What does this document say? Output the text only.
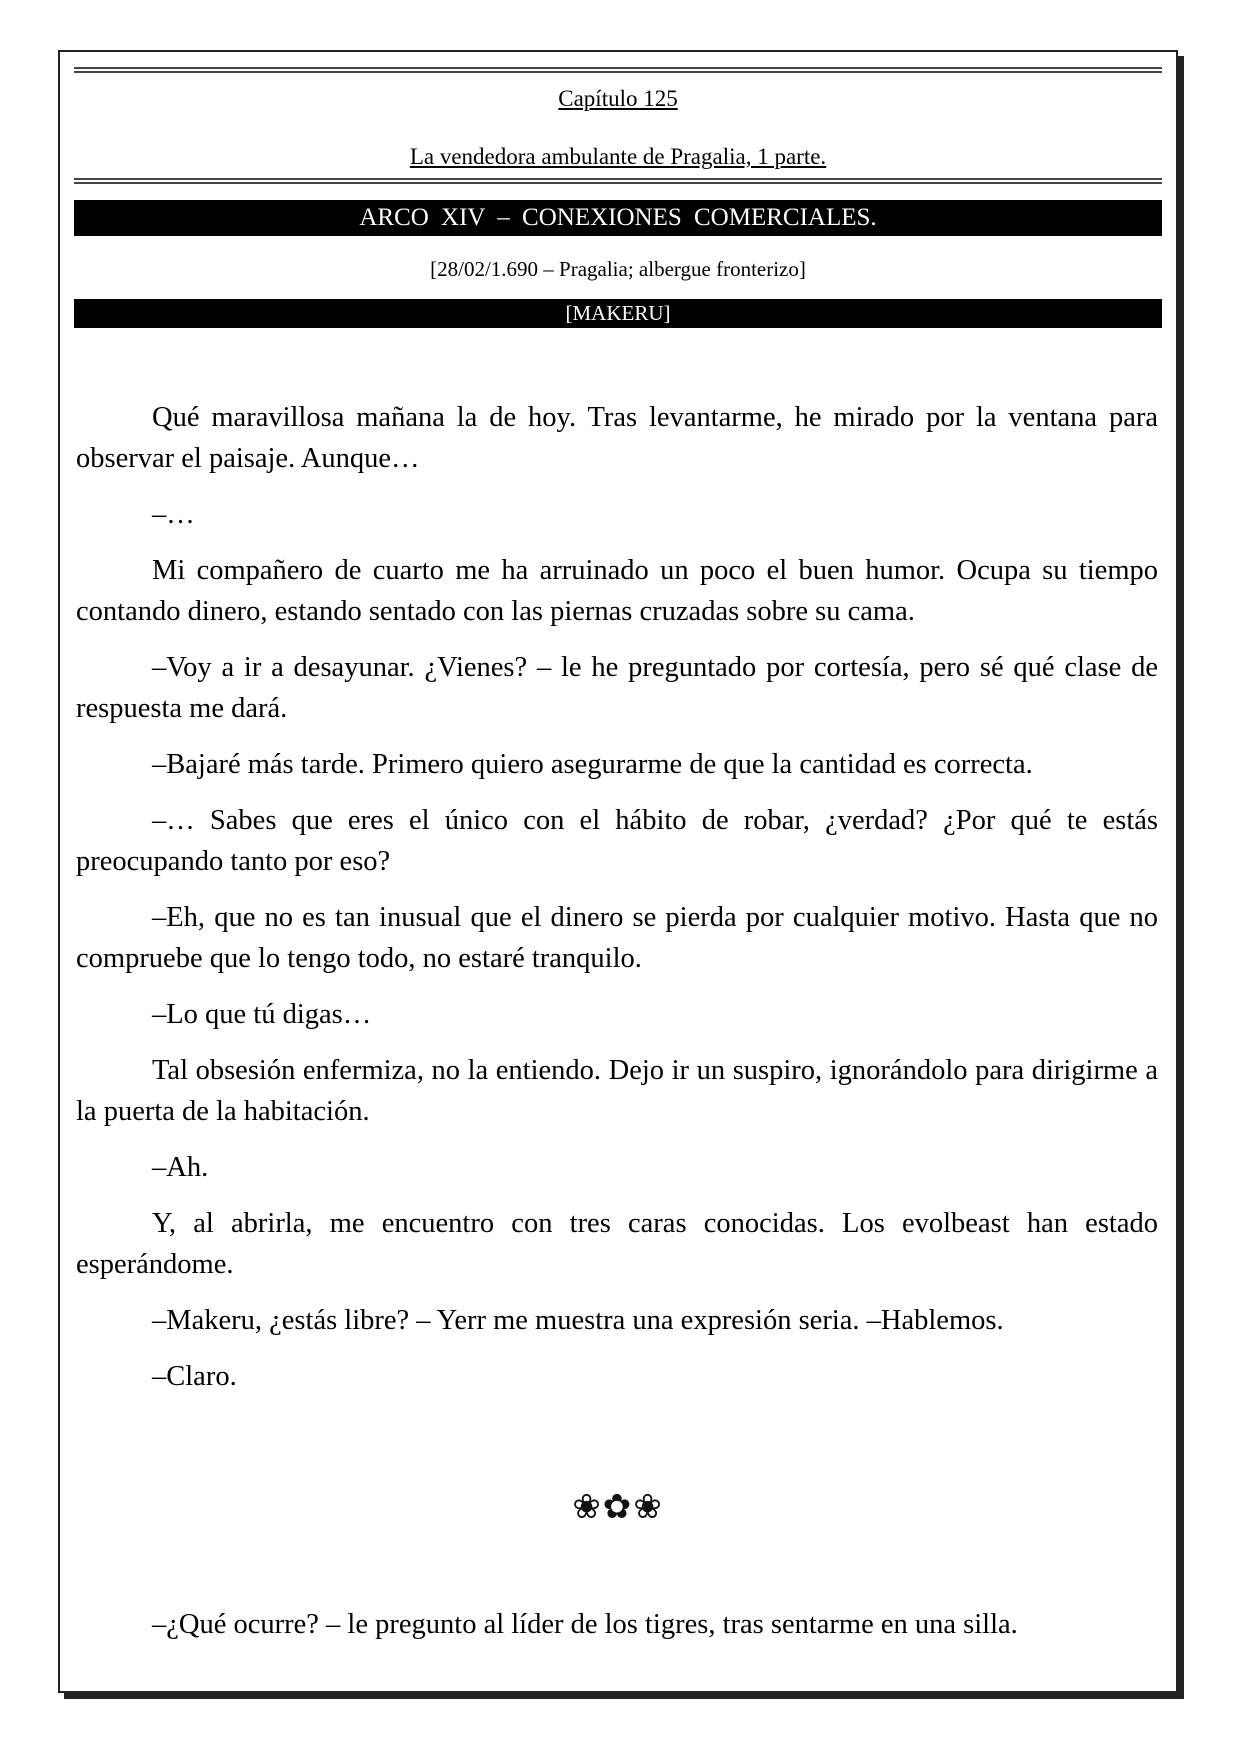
Capítulo 125
La vendedora ambulante de Pragalia, 1 parte.
ARCO XIV – CONEXIONES COMERCIALES.
[28/02/1.690 – Pragalia; albergue fronterizo]
[MAKERU]

Qué maravillosa mañana la de hoy. Tras levantarme, he mirado por la ventana para observar el paisaje. Aunque…

–…

Mi compañero de cuarto me ha arruinado un poco el buen humor. Ocupa su tiempo contando dinero, estando sentado con las piernas cruzadas sobre su cama.

–Voy a ir a desayunar. ¿Vienes? – le he preguntado por cortesía, pero sé qué clase de respuesta me dará.

–Bajaré más tarde. Primero quiero asegurarme de que la cantidad es correcta.

–… Sabes que eres el único con el hábito de robar, ¿verdad? ¿Por qué te estás preocupando tanto por eso?

–Eh, que no es tan inusual que el dinero se pierda por cualquier motivo. Hasta que no compruebe que lo tengo todo, no estaré tranquilo.

–Lo que tú digas…

Tal obsesión enfermiza, no la entiendo. Dejo ir un suspiro, ignorándolo para dirigirme a la puerta de la habitación.

–Ah.

Y, al abrirla, me encuentro con tres caras conocidas. Los evolbeast han estado esperándome.

–Makeru, ¿estás libre? – Yerr me muestra una expresión seria. –Hablemos.

–Claro.

❀✿❀

–¿Qué ocurre? – le pregunto al líder de los tigres, tras sentarme en una silla.
